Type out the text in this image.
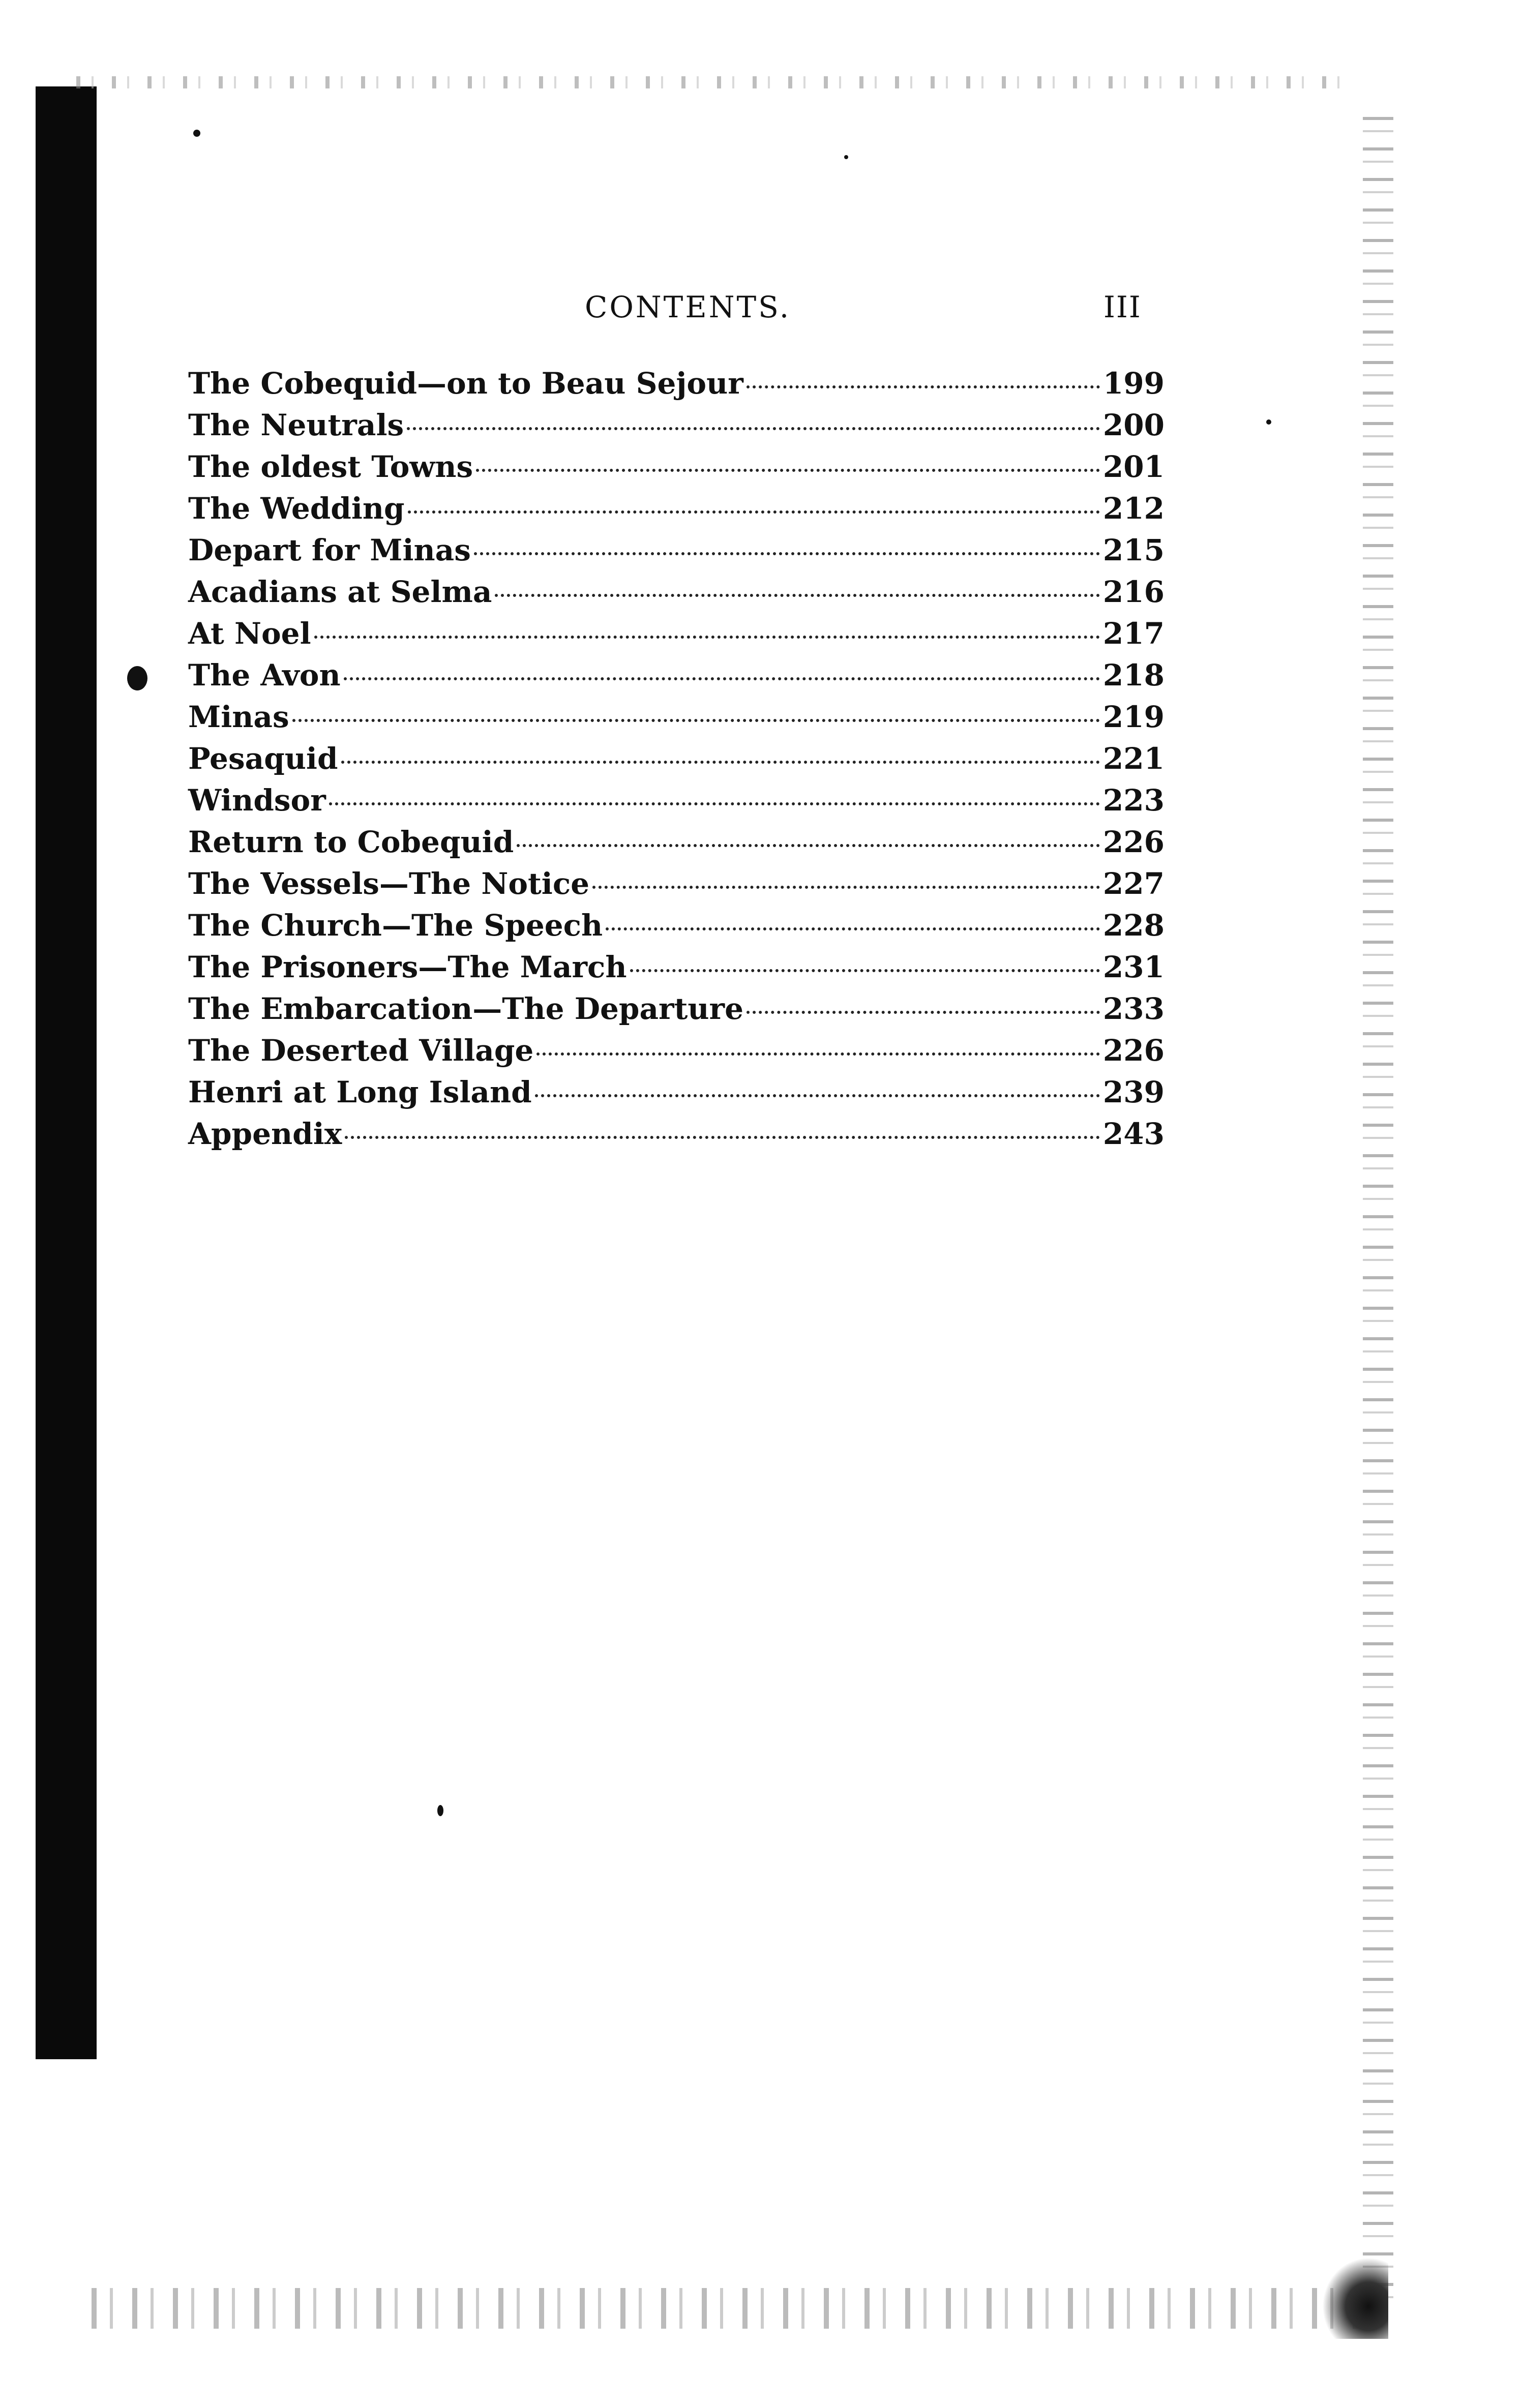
CONTENTS.	III
The Cobequid—on to Beau Sejour	199
The Neutrals	200
The oldest Towns	201
The Wedding	212
Depart for Minas	215
Acadians at Selma	216
At Noel	217
The Avon	218
Minas	219
Pesaquid	221
Windsor	223
Return to Cobequid	226
The Vessels—The Notice	227
The Church—The Speech	228
The Prisoners—The March	231
The Embarcation—The Departure	233
The Deserted Village	226
Henri at Long Island	239
Appendix	243
